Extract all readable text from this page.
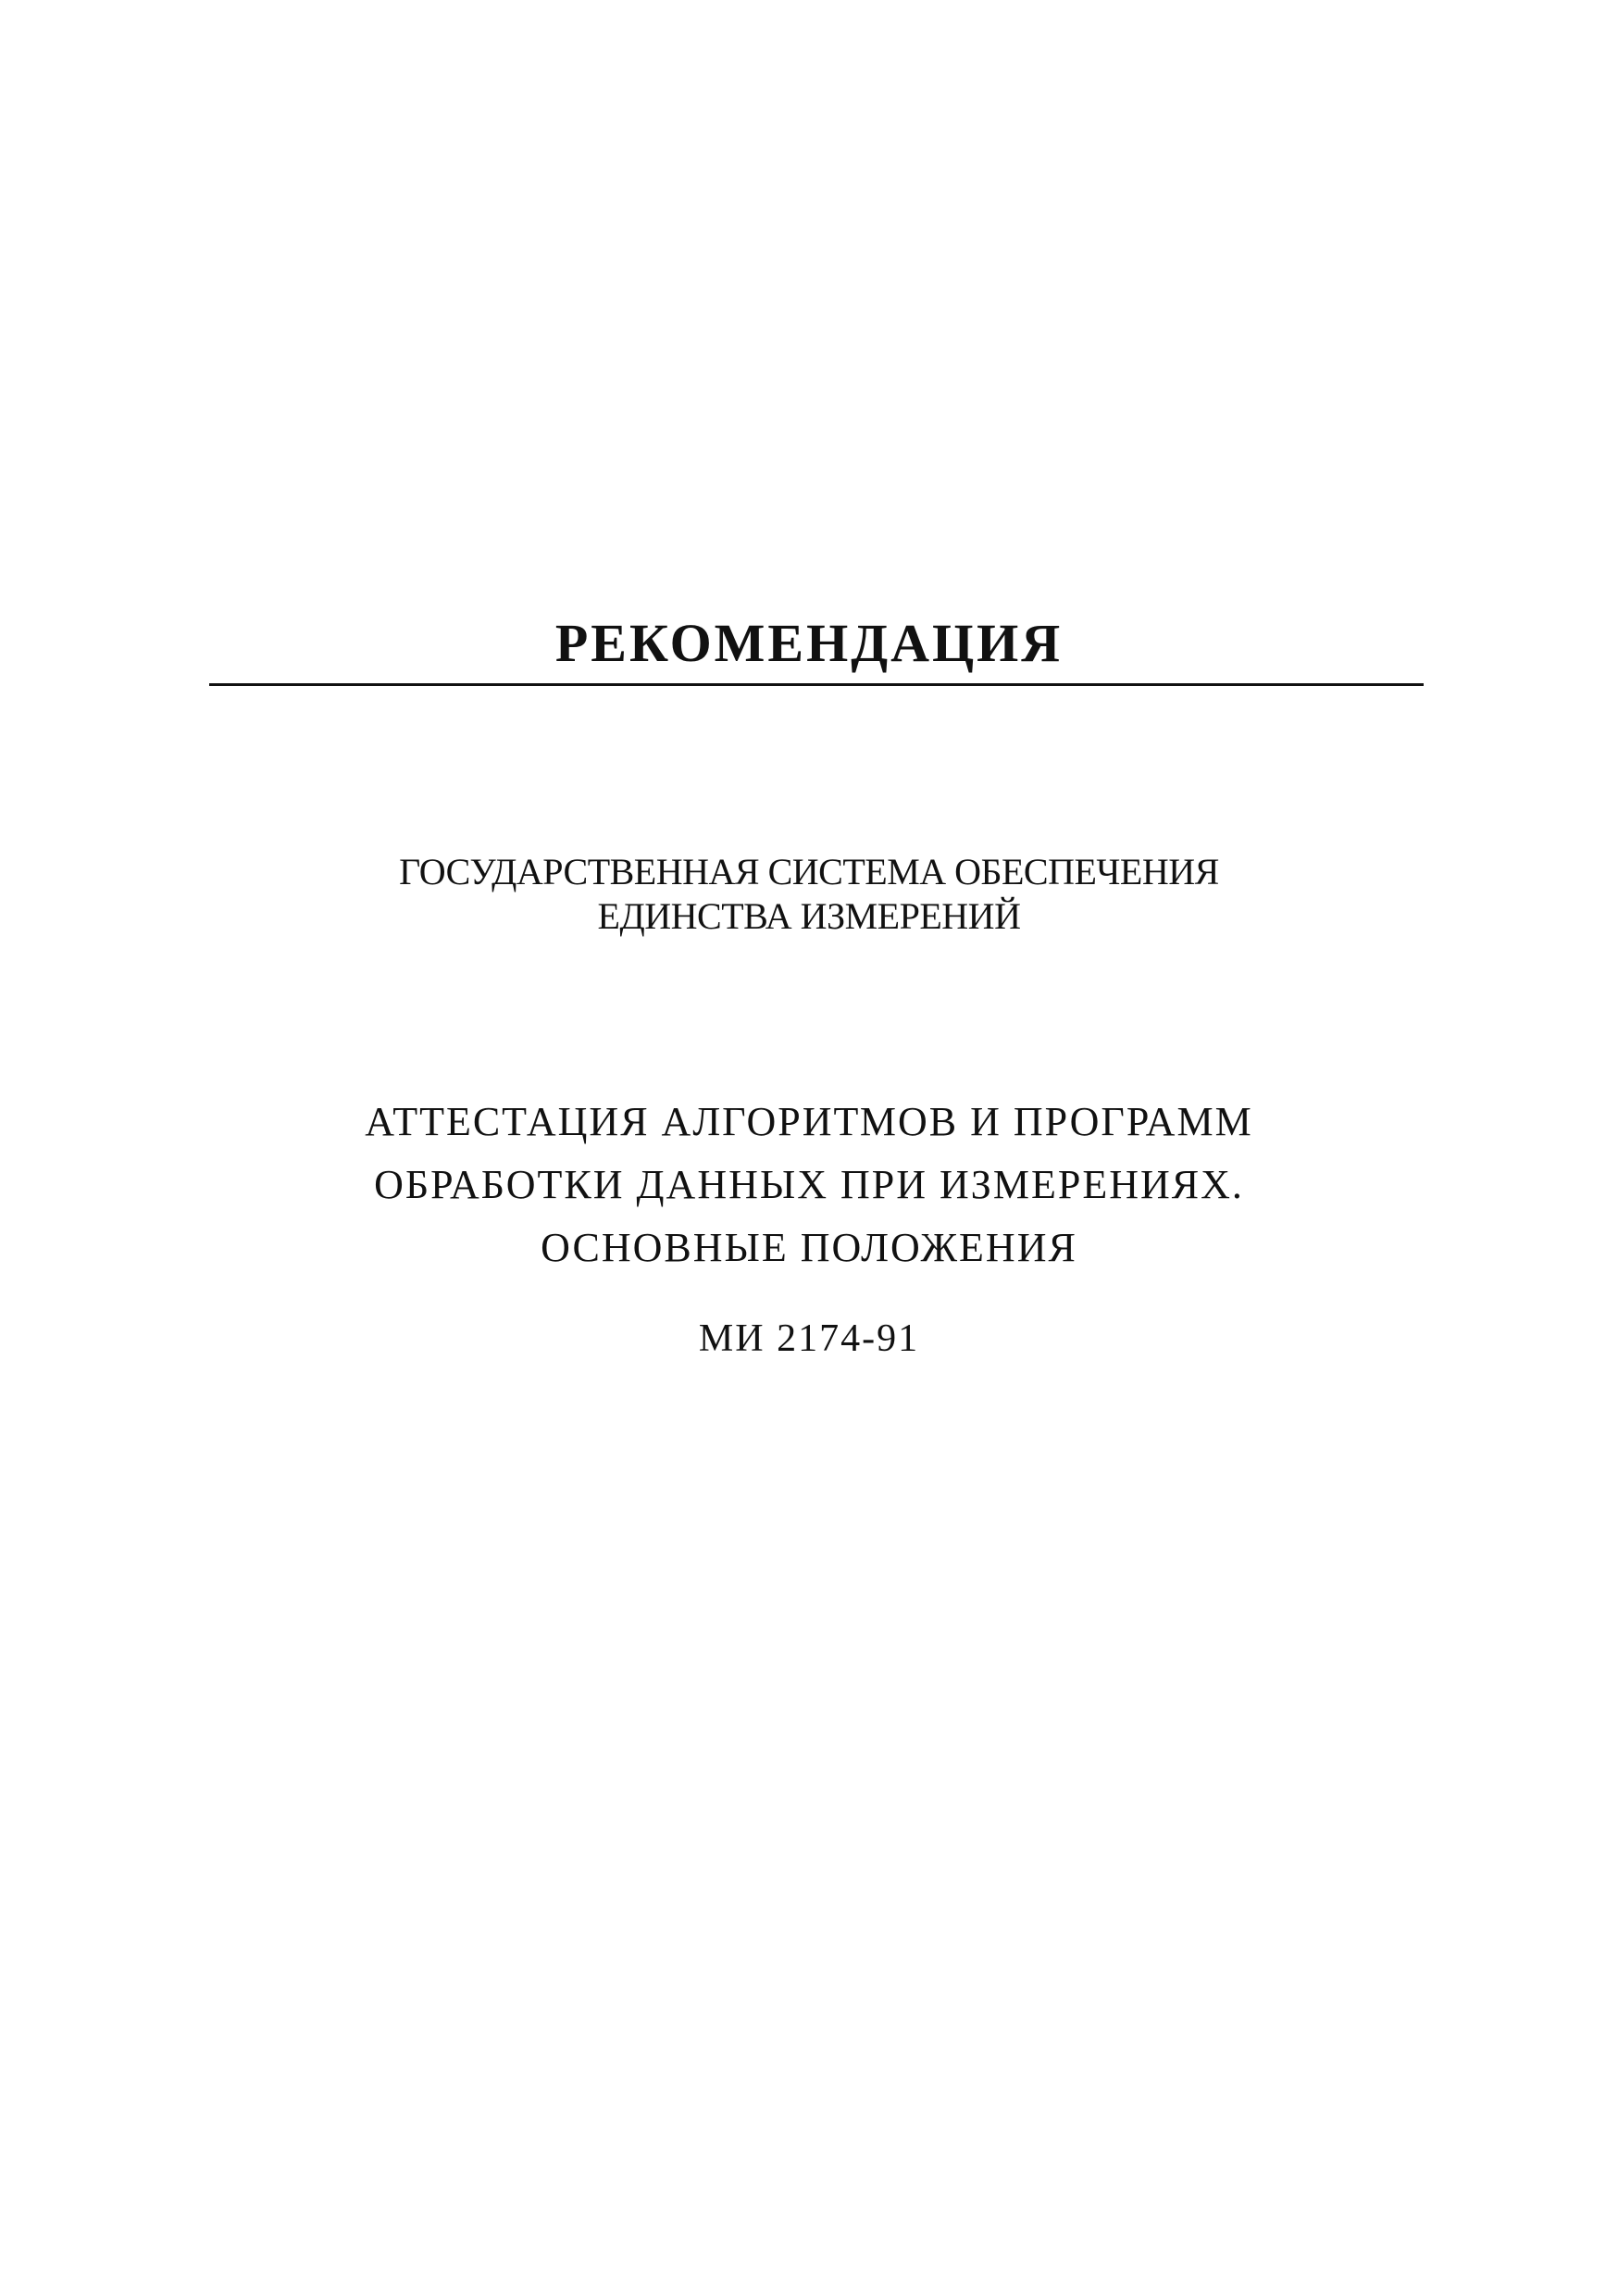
РЕКОМЕНДАЦИЯ
ГОСУДАРСТВЕННАЯ СИСТЕМА ОБЕСПЕЧЕНИЯ
ЕДИНСТВА ИЗМЕРЕНИЙ
АТТЕСТАЦИЯ АЛГОРИТМОВ И ПРОГРАММ
ОБРАБОТКИ ДАННЫХ ПРИ ИЗМЕРЕНИЯХ.
ОСНОВНЫЕ ПОЛОЖЕНИЯ
МИ 2174-91
